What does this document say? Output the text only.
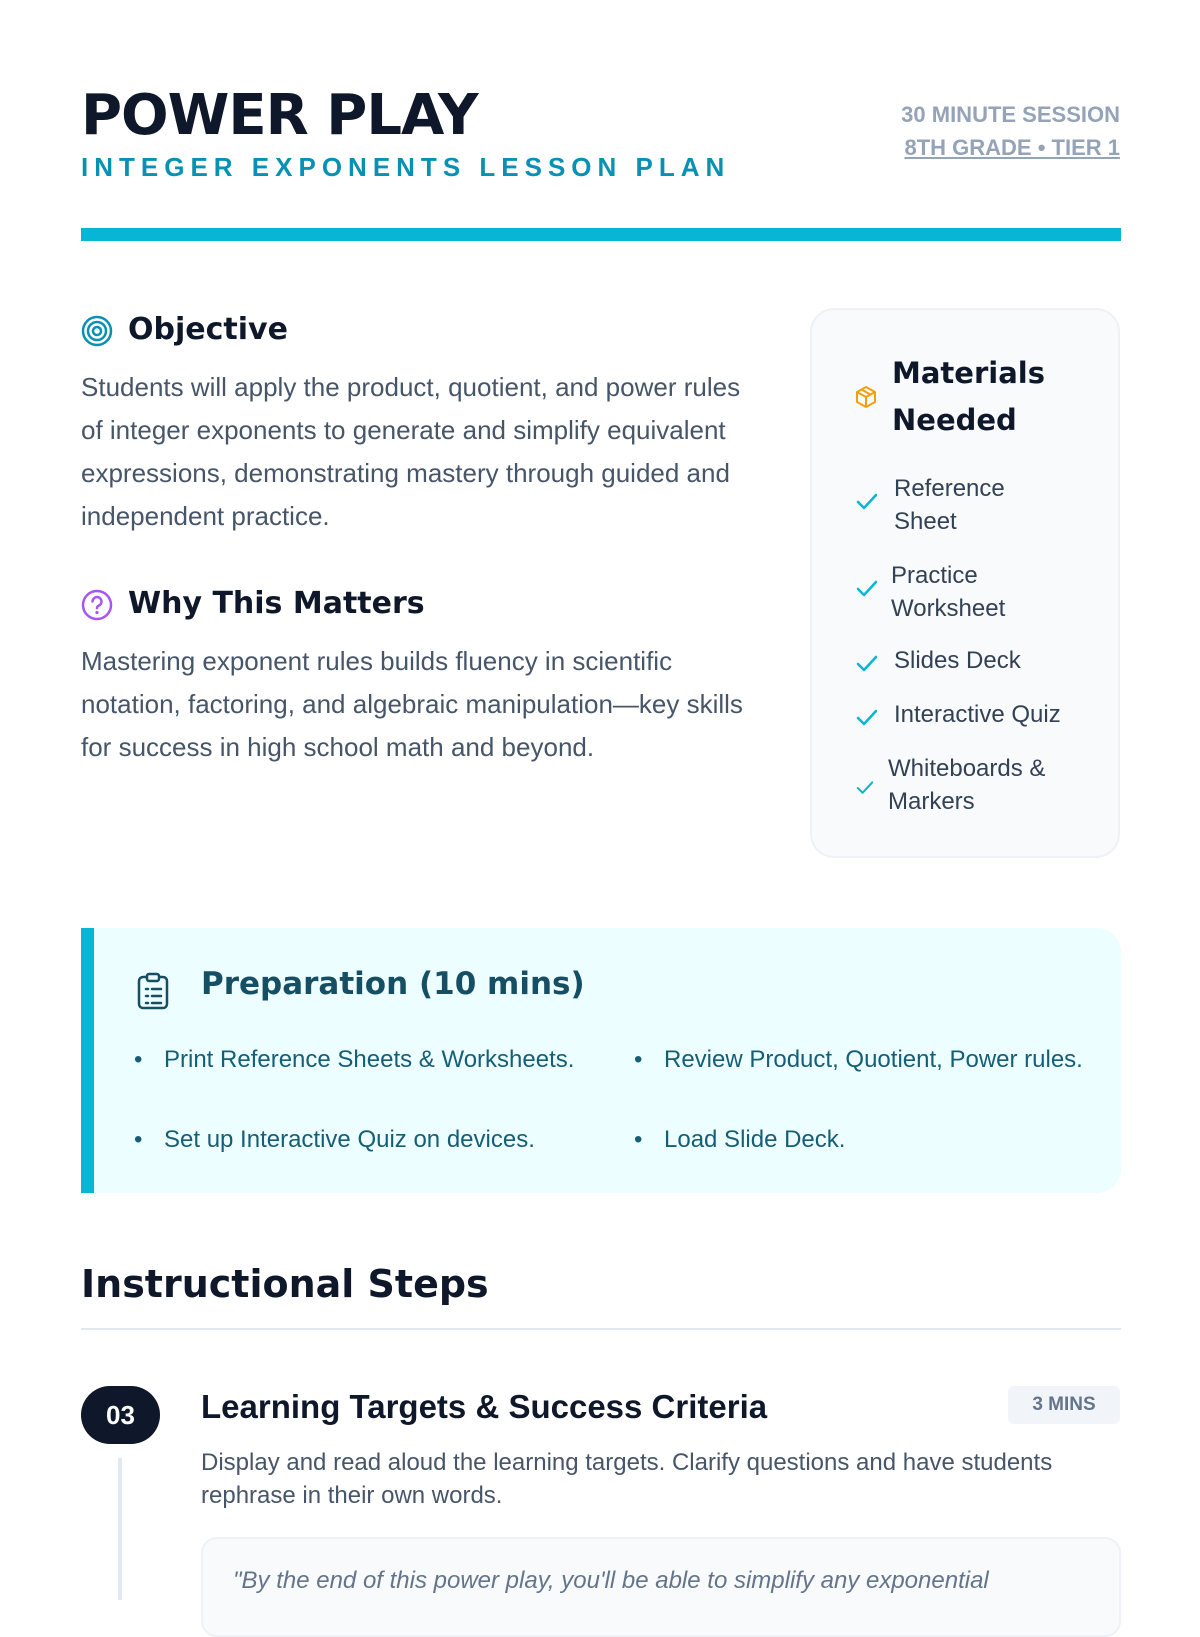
POWER PLAY
INTEGER EXPONENTS LESSON PLAN
30 MINUTE SESSION
8TH GRADE • TIER 1
Objective

Students will apply the product, quotient, and power rules of integer exponents to generate and simplify equivalent expressions, demonstrating mastery through guided and independent practice.

Why This Matters

Mastering exponent rules builds fluency in scientific notation, factoring, and algebraic manipulation—key skills for success in high school math and beyond.

Materials
Needed
Reference
Sheet
Practice
Worksheet
Slides Deck
Interactive Quiz
Whiteboards &
Markers
Preparation (10 mins)
• Print Reference Sheets & Worksheets.	• Review Product, Quotient, Power rules.
• Set up Interactive Quiz on devices.	• Load Slide Deck.
Instructional Steps
03	Learning Targets & Success Criteria	3 MINS
Display and read aloud the learning targets. Clarify questions and have students rephrase in their own words.
"By the end of this power play, you'll be able to simplify any exponential
